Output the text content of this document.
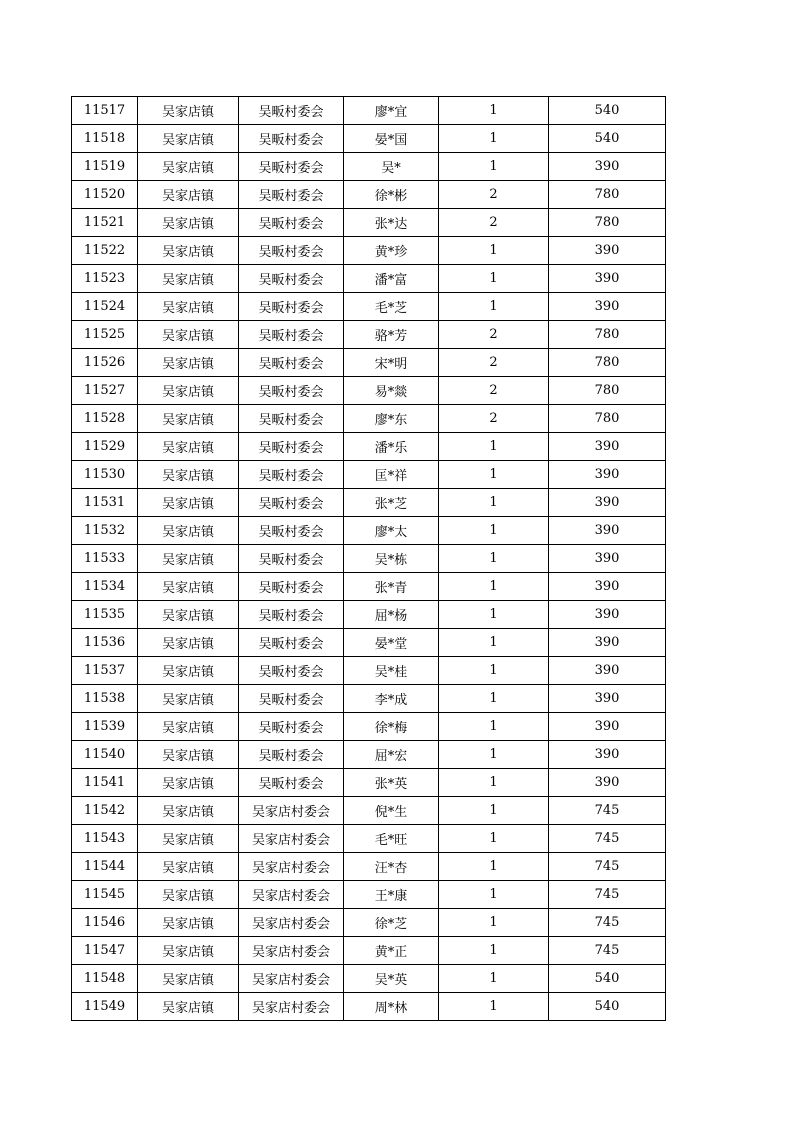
11517	吴家店镇	吴畈村委会	廖*宜	1	540
11518	吴家店镇	吴畈村委会	晏*国	1	540
11519	吴家店镇	吴畈村委会	吴*	1	390
11520	吴家店镇	吴畈村委会	徐*彬	2	780
11521	吴家店镇	吴畈村委会	张*达	2	780
11522	吴家店镇	吴畈村委会	黄*珍	1	390
11523	吴家店镇	吴畈村委会	潘*富	1	390
11524	吴家店镇	吴畈村委会	毛*芝	1	390
11525	吴家店镇	吴畈村委会	骆*芳	2	780
11526	吴家店镇	吴畈村委会	宋*明	2	780
11527	吴家店镇	吴畈村委会	易*燚	2	780
11528	吴家店镇	吴畈村委会	廖*东	2	780
11529	吴家店镇	吴畈村委会	潘*乐	1	390
11530	吴家店镇	吴畈村委会	匡*祥	1	390
11531	吴家店镇	吴畈村委会	张*芝	1	390
11532	吴家店镇	吴畈村委会	廖*太	1	390
11533	吴家店镇	吴畈村委会	吴*栋	1	390
11534	吴家店镇	吴畈村委会	张*青	1	390
11535	吴家店镇	吴畈村委会	屈*杨	1	390
11536	吴家店镇	吴畈村委会	晏*堂	1	390
11537	吴家店镇	吴畈村委会	吴*桂	1	390
11538	吴家店镇	吴畈村委会	李*成	1	390
11539	吴家店镇	吴畈村委会	徐*梅	1	390
11540	吴家店镇	吴畈村委会	屈*宏	1	390
11541	吴家店镇	吴畈村委会	张*英	1	390
11542	吴家店镇	吴家店村委会	倪*生	1	745
11543	吴家店镇	吴家店村委会	毛*旺	1	745
11544	吴家店镇	吴家店村委会	汪*杏	1	745
11545	吴家店镇	吴家店村委会	王*康	1	745
11546	吴家店镇	吴家店村委会	徐*芝	1	745
11547	吴家店镇	吴家店村委会	黄*正	1	745
11548	吴家店镇	吴家店村委会	吴*英	1	540
11549	吴家店镇	吴家店村委会	周*林	1	540
